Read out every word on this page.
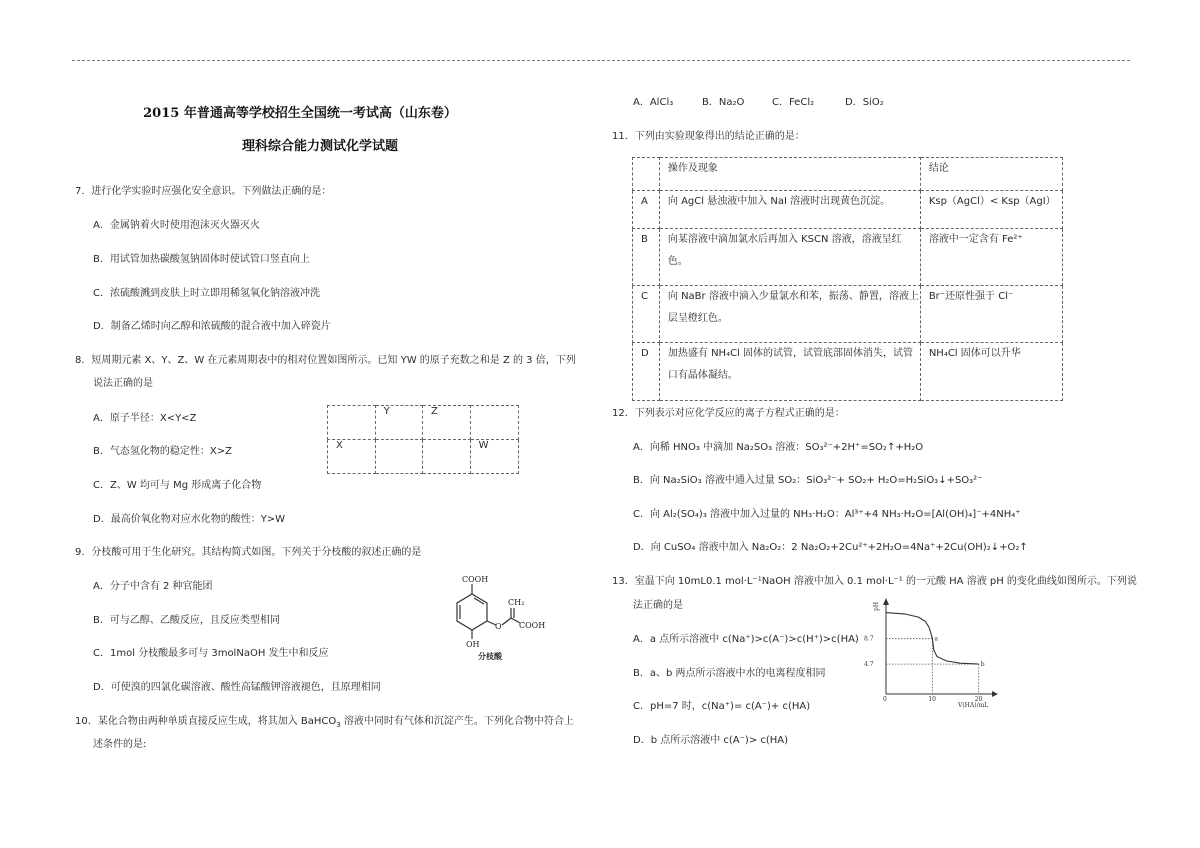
2015 年普通高等学校招生全国统一考试高（山东卷）
理科综合能力测试化学试题
7．进行化学实验时应强化安全意识。下列做法正确的是：
A．金属钠着火时使用泡沫灭火器灭火
B．用试管加热碳酸氢钠固体时使试管口竖直向上
C．浓硫酸溅到皮肤上时立即用稀氢氧化钠溶液冲洗
D．制备乙烯时向乙醇和浓硫酸的混合液中加入碎瓷片
8．短周期元素 X、Y、Z、W 在元素周期表中的相对位置如图所示。已知 YW 的原子充数之和是 Z 的 3 倍，下列
说法正确的是
A．原子半径：X<Y<Z
B．气态氢化物的稳定性：X>Z
C．Z、W 均可与 Mg 形成离子化合物
D．最高价氧化物对应水化物的酸性：Y>W
	Y	Z	
X			W
9．分枝酸可用于生化研究。其结构简式如图。下列关于分枝酸的叙述正确的是
A．分子中含有 2 种官能团
B．可与乙醇、乙酸反应，且反应类型相同
C．1mol 分枝酸最多可与 3molNaOH 发生中和反应
D．可使溴的四氯化碳溶液、酸性高锰酸钾溶液褪色，且原理相同
COOH
CH₂
O COOH
OH
分枝酸
10．某化合物由两种单质直接反应生成，将其加入 BaHCO$_3$ 溶液中同时有气体和沉淀产生。下列化合物中符合上
述条件的是:
A．AlCl₃	B．Na₂O	C．FeCl₂	D．SiO₂
11．下列由实验现象得出的结论正确的是：
	操作及现象	结论
A	向 AgCl 悬浊液中加入 NaI 溶液时出现黄色沉淀。	Ksp（AgCl）< Ksp（AgI）
B	向某溶液中滴加氯水后再加入 KSCN 溶液，溶液呈红色。	溶液中一定含有 Fe²⁺
C	向 NaBr 溶液中滴入少量氯水和苯，振荡、静置，溶液上层呈橙红色。	Br⁻还原性强于 Cl⁻
D	加热盛有 NH₄Cl 固体的试管，试管底部固体消失，试管口有晶体凝结。	NH₄Cl 固体可以升华
12．下列表示对应化学反应的离子方程式正确的是：
A．向稀 HNO₃ 中滴加 Na₂SO₃ 溶液：SO₃²⁻+2H⁺=SO₂↑+H₂O
B．向 Na₂SiO₃ 溶液中通入过量 SO₂：SiO₃²⁻+ SO₂+ H₂O=H₂SiO₃↓+SO₃²⁻
C．向 Al₂(SO₄)₃ 溶液中加入过量的 NH₃·H₂O：Al³⁺+4 NH₃·H₂O=[Al(OH)₄]⁻+4NH₄⁺
D．向 CuSO₄ 溶液中加入 Na₂O₂：2 Na₂O₂+2Cu²⁺+2H₂O=4Na⁺+2Cu(OH)₂↓+O₂↑
13．室温下向 10mL0.1 mol·L⁻¹NaOH 溶液中加入 0.1 mol·L⁻¹ 的一元酸 HA 溶液 pH 的变化曲线如图所示。下列说
法正确的是
A．a 点所示溶液中 c(Na⁺)>c(A⁻)>c(H⁺)>c(HA)
B．a、b 两点所示溶液中水的电离程度相同
C．pH=7 时，c(Na⁺)= c(A⁻)+ c(HA)
D．b 点所示溶液中 c(A⁻)> c(HA)
pH
V(HA)/mL
0
8.7
10
4.7
20
a
b
